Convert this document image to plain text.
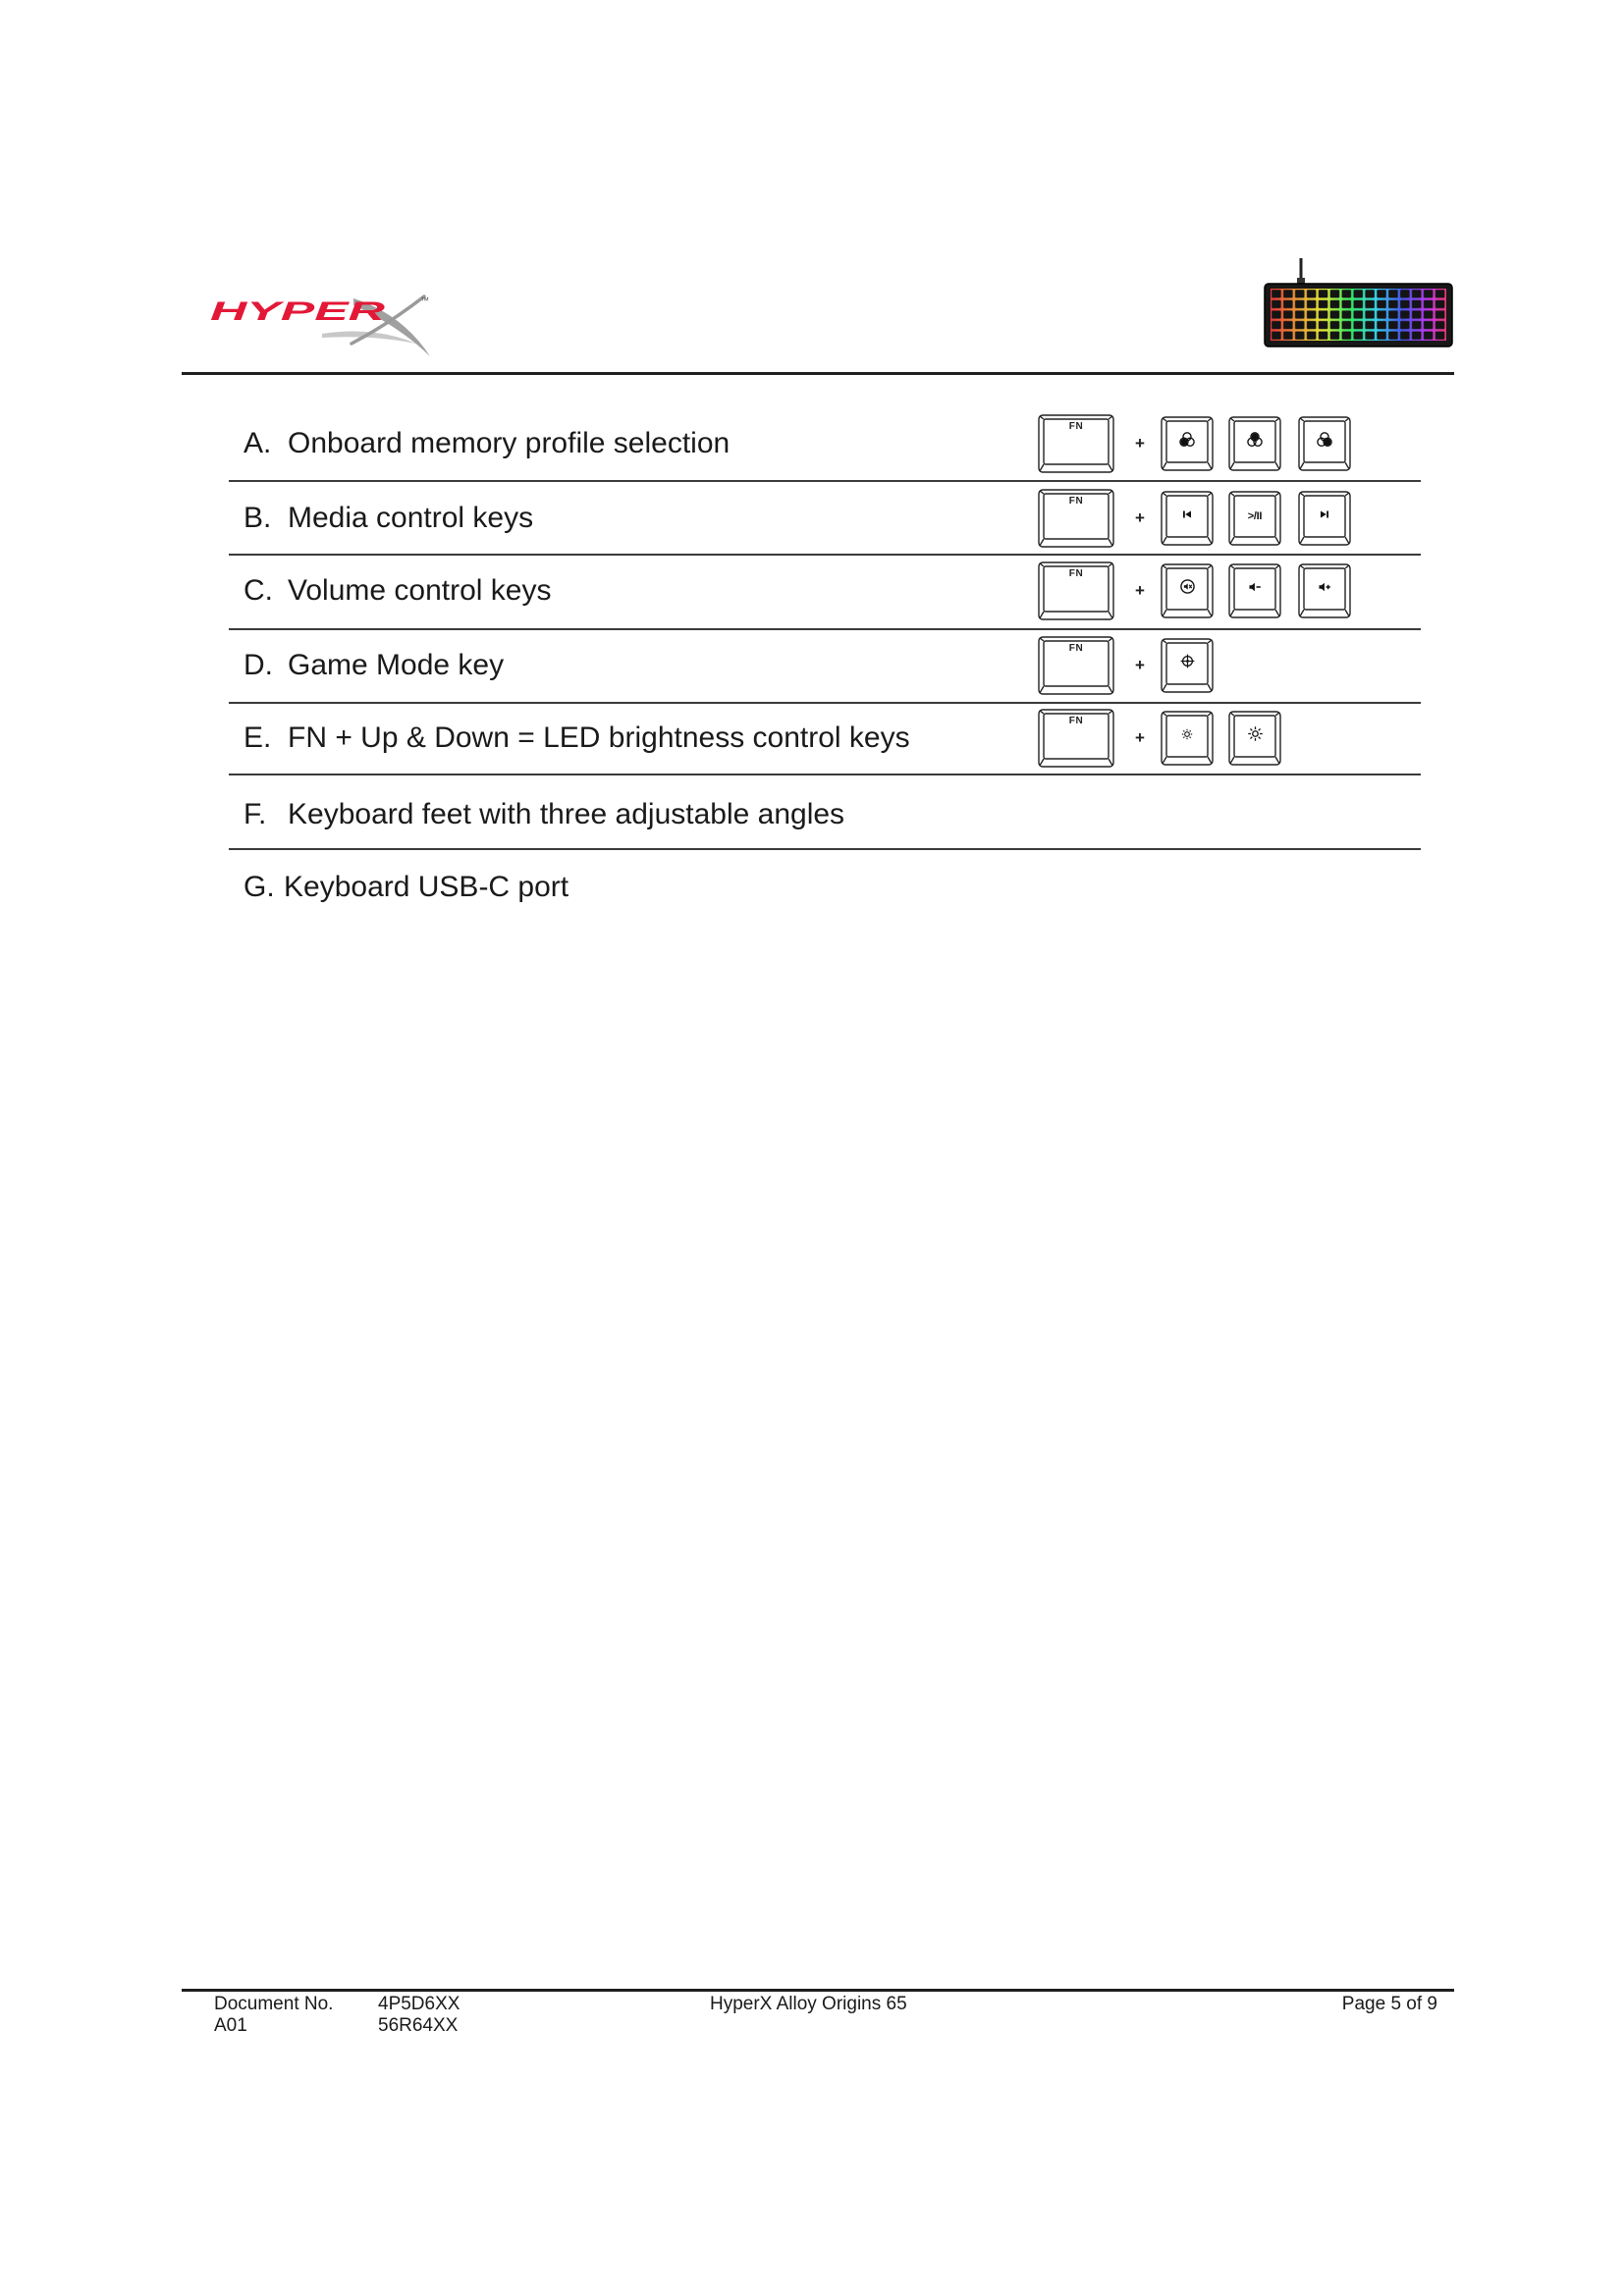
HYPER	™
A. Onboard memory profile selection
FN
+
B. Media control keys
FN
+	>/II
C. Volume control keys
FN
+
D. Game Mode key
FN
+
E. FN + Up & Down = LED brightness control keys
FN
+
F. Keyboard feet with three adjustable angles
G. Keyboard USB-C port
Document No. 4P5D6XX	HyperX Alloy Origins 65	Page 5 of 9
A01	56R64XX
